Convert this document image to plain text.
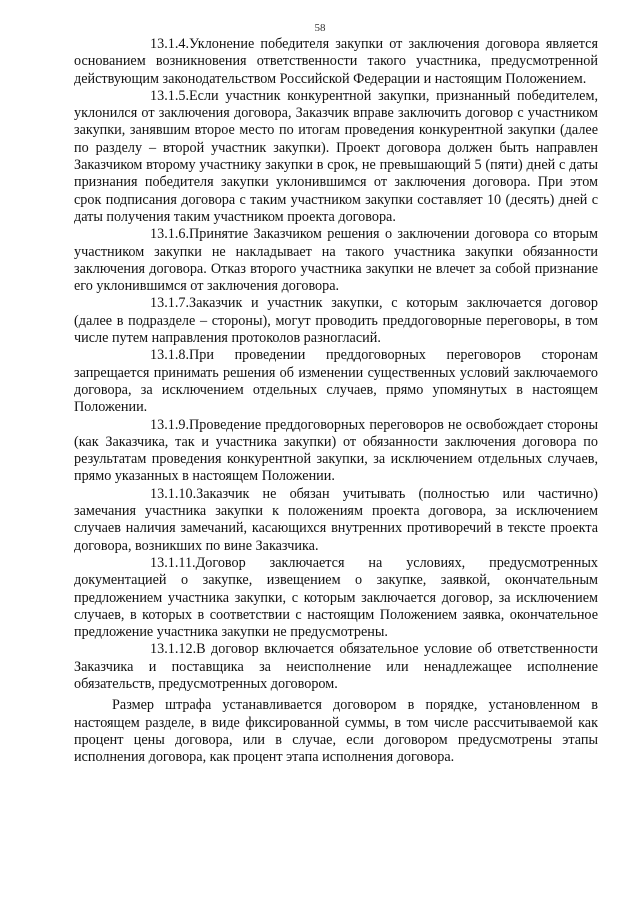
58

13.1.4.Уклонение победителя закупки от заключения договора является основанием возникновения ответственности такого участника, предусмотренной действующим законодательством Российской Федерации и настоящим Положением.

13.1.5.Если участник конкурентной закупки, признанный победителем, уклонился от заключения договора, Заказчик вправе заключить договор с участником закупки, занявшим второе место по итогам проведения конкурентной закупки (далее по разделу – второй участник закупки). Проект договора должен быть направлен Заказчиком второму участнику закупки в срок, не превышающий 5 (пяти) дней с даты признания победителя закупки уклонившимся от заключения договора. При этом срок подписания договора с таким участником закупки составляет 10 (десять) дней с даты получения таким участником проекта договора.

13.1.6.Принятие Заказчиком решения о заключении договора со вторым участником закупки не накладывает на такого участника закупки обязанности заключения договора. Отказ второго участника закупки не влечет за собой признание его уклонившимся от заключения договора.

13.1.7.Заказчик и участник закупки, с которым заключается договор (далее в подразделе – стороны), могут проводить преддоговорные переговоры, в том числе путем направления протоколов разногласий.

13.1.8.При проведении преддоговорных переговоров сторонам запрещается принимать решения об изменении существенных условий заключаемого договора, за исключением отдельных случаев, прямо упомянутых в настоящем Положении.

13.1.9.Проведение преддоговорных переговоров не освобождает стороны (как Заказчика, так и участника закупки) от обязанности заключения договора по результатам проведения конкурентной закупки, за исключением отдельных случаев, прямо указанных в настоящем Положении.

13.1.10.Заказчик не обязан учитывать (полностью или частично) замечания участника закупки к положениям проекта договора, за исключением случаев наличия замечаний, касающихся внутренних противоречий в тексте проекта договора, возникших по вине Заказчика.

13.1.11.Договор заключается на условиях, предусмотренных документацией о закупке, извещением о закупке, заявкой, окончательным предложением участника закупки, с которым заключается договор, за исключением случаев, в которых в соответствии с настоящим Положением заявка, окончательное предложение участника закупки не предусмотрены.

13.1.12.В договор включается обязательное условие об ответственности Заказчика и поставщика за неисполнение или ненадлежащее исполнение обязательств, предусмотренных договором.

Размер штрафа устанавливается договором в порядке, установленном в настоящем разделе, в виде фиксированной суммы, в том числе рассчитываемой как процент цены договора, или в случае, если договором предусмотрены этапы исполнения договора, как процент этапа исполнения договора.
